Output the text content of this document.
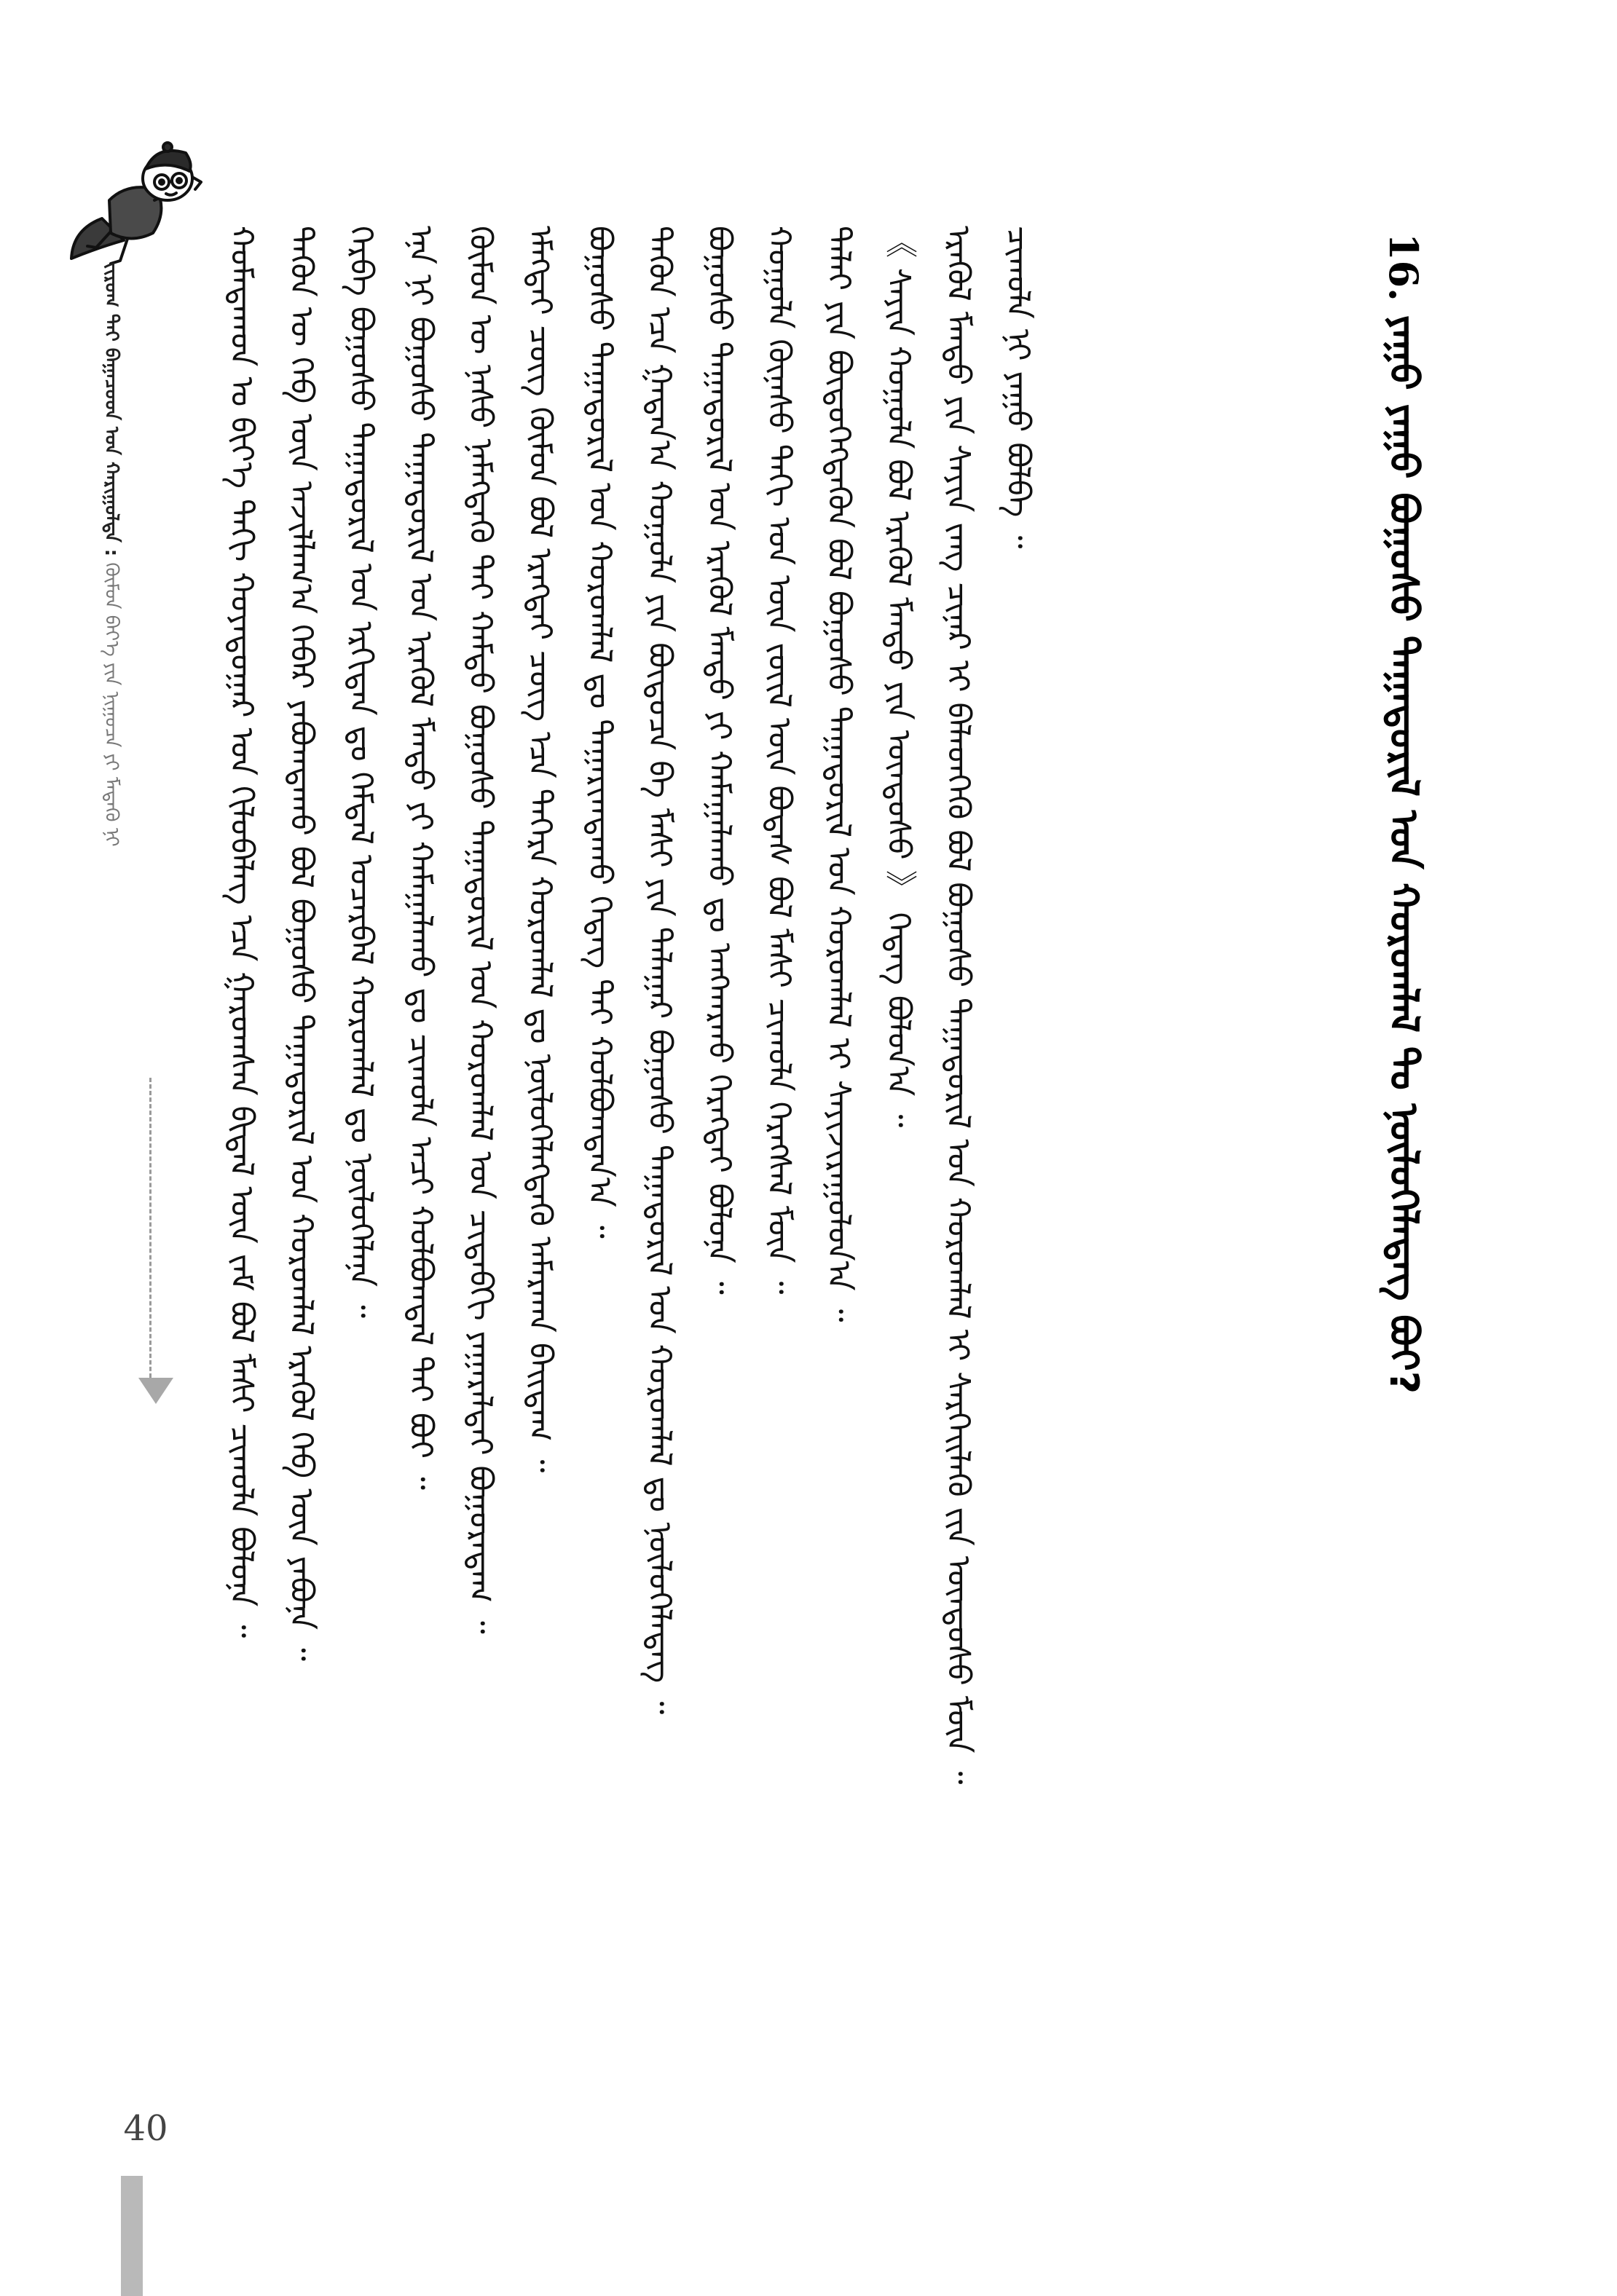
ᠵᠢᠷᠤᠭ ᠲᠠᠢ ᠪᠠᠭᠠᠴᠤᠳ ᠤᠨ ᠬᠠᠷᠢᠭᠤᠯᠲᠠ : ᠬᠦᠮᠦᠨ ᠪᠡᠶ᠎ᠡ ᠶᠢᠨ ᠨᠢᠭᠤᠴᠠ ᠶᠢ ᠮᠡᠳᠡᠬᠦ ᠨᠢ	ᠬᠤᠮᠠᠳᠠᠬᠤᠨ ᠤ ᠪᠢᠶ᠎ᠡ ᠳᠠᠬᠢ ᠬᠣᠶᠠᠳᠤᠭᠠᠷ ᠤᠨ ᠭᠢᠯᠦᠪᠡᠯᠡᠭ ᠡᠴᠡ ᠭᠠᠷᠤᠭᠰᠠᠨ ᠪᠢᠳᠠᠯ ᠦᠨ ᠵᠠᠮ ᠪᠣᠯ ᠮᠠᠰᠢ ᠴᠢᠬᠤᠯᠠ ᠪᠣᠯᠤᠨᠠ ᠃ ᠲᠡᠭᠦᠨ ᠦ ᠬᠡᠪ ᠦᠨ ᠠᠵᠢᠯᠯᠠᠭ᠎ᠠ ᠬᠡᠪᠡᠷ ᠶᠠᠪᠤᠭᠳᠠᠬᠤ ᠪᠣᠯ ᠪᠣᠭᠤᠰᠤ ᠳᠠᠭᠠᠳᠤᠷᠢᠯ ᠤᠨ ᠬᠣᠷᠣᠭᠯᠠᠯ ᠡᠷᠡᠭᠦᠯ ᠬᠡᠪ ᠦᠨ ᠶᠠᠪᠤᠨᠠ ᠃ ᠬᠡᠷᠪᠡ ᠪᠣᠭᠤᠰᠤ ᠳᠠᠭᠠᠳᠤᠷᠢᠯ ᠤᠨ ᠡᠷᠬᠢᠲᠡᠨ ᠳᠤ ᠭᠡᠮᠳᠡᠯ ᠤᠴᠠᠷᠪᠠᠯ ᠬᠣᠷᠣᠭᠯᠠᠯ ᠳᠤ ᠨᠥᠯᠦᠭᠡᠯᠡᠨᠡ ᠃ ᠡᠨᠡ ᠨᠢ ᠪᠣᠭᠤᠰᠤ ᠳᠠᠭᠠᠳᠤᠷᠢᠯ ᠤᠨ ᠡᠷᠡᠭᠦᠯ ᠮᠡᠨᠳᠦ ᠶᠢ ᠬᠠᠮᠠᠭᠠᠯᠠᠬᠤ ᠳᠤ ᠴᠢᠬᠤᠯᠠ ᠠᠴᠢ ᠬᠣᠯᠪᠣᠭᠳᠠᠯ ᠲᠠᠢ ᠪᠣᠢ ᠃ ᠬᠦᠮᠦᠨ ᠦ ᠨᠠᠰᠤ ᠨᠡᠮᠡᠭᠳᠡᠬᠦ ᠲᠠᠢ ᠬᠠᠮᠲᠤ ᠪᠣᠭᠤᠰᠤ ᠳᠠᠭᠠᠳᠤᠷᠢᠯ ᠤᠨ ᠬᠣᠷᠣᠭᠯᠠᠯ ᠤᠨ ᠴᠢᠳᠠᠪᠬᠢ ᠶᠠᠭᠠᠷᠠᠯᠲᠠᠢ ᠪᠤᠭᠤᠷᠠᠳᠠᠭ ᠃ ᠡᠮᠡᠭᠲᠡᠢ ᠴᠦᠭ ᠬᠦᠮᠦᠨ ᠪᠣᠯ ᠡᠷᠡᠭᠲᠡᠢ ᠴᠦᠭ ᠡᠴᠡ ᠳᠡᠭᠡᠷᠡ ᠬᠣᠷᠣᠭᠯᠠᠯ ᠳᠤ ᠨᠥᠯᠦᠭᠡᠯᠡᠭᠳᠡᠬᠦ ᠠᠮᠠᠷᠬᠠᠨ ᠪᠠᠢᠳᠠᠭ ᠃ ᠪᠣᠭᠤᠰᠤ ᠳᠠᠭᠠᠳᠤᠷᠢᠯ ᠤᠨ ᠬᠣᠷᠣᠭᠯᠠᠯ ᠳᠤ ᠳᠠᠭᠠᠷᠢᠭᠳᠠᠬᠤ ᠭᠡᠳᠡᠭ ᠲᠠᠢ ᠬᠣᠯᠪᠣᠭᠳᠠᠨ᠎ᠠ ᠃ ᠲᠡᠭᠦᠨ ᠡᠴᠡ ᠭᠠᠳᠠᠨ᠎ᠠ ᠬᠣᠭᠣᠯᠠ ᠶᠢᠨ ᠪᠦᠲᠦᠴᠡ ᠪᠠ ᠮᠠᠰᠢ ᠶᠢᠨ ᠲᠠᠯᠠᠭᠠᠷ ᠪᠣᠭᠤᠰᠤ ᠳᠠᠭᠠᠳᠤᠷᠢᠯ ᠤᠨ ᠬᠣᠷᠣᠭᠯᠠᠯ ᠳᠤ ᠨᠥᠯᠦᠭᠡᠯᠡᠳᠡᠭ ᠃ ᠪᠣᠭᠤᠰᠤ ᠳᠠᠭᠠᠳᠤᠷᠢᠯ ᠤᠨ ᠡᠷᠡᠭᠦᠯ ᠮᠡᠨᠳᠦ ᠶᠢ ᠬᠠᠮᠠᠭᠠᠯᠠᠬᠤ ᠳᠤ ᠠᠩᠬᠠᠷᠬᠤ ᠬᠡᠷᠡᠭᠲᠡᠢ ᠪᠣᠯᠤᠨᠠ ᠃ ᠬᠣᠭᠣᠯᠠ ᠬᠦᠨᠡᠰᠦ ᠳᠠᠬᠢ ᠡᠳ ᠦᠨ ᠵᠦᠢᠯ ᠦᠨ ᠪᠣᠳᠠᠰ ᠪᠣᠯ ᠮᠠᠰᠢ ᠴᠢᠬᠤᠯᠠ ᠬᠡᠷᠡᠭᠰᠡᠯ ᠮᠥᠨ ᠃ ᠳᠠᠯᠠᠢ ᠶᠢᠨ ᠪᠦᠲᠦᠭᠡᠭᠳᠡᠬᠦᠨ ᠪᠣᠯ ᠪᠣᠭᠤᠰᠤ ᠳᠠᠭᠠᠳᠤᠷᠢᠯ ᠤᠨ ᠬᠣᠷᠣᠭᠯᠠᠯ ᠢ ᠰᠠᠶᠢᠵᠢᠷᠠᠭᠤᠯᠤᠨ᠎ᠠ ᠃ 《 ᠰᠠᠶᠢᠨ ᠬᠣᠭᠣᠯᠠ ᠪᠣᠯ ᠡᠷᠡᠭᠦᠯ ᠮᠡᠨᠳᠦ ᠶᠢᠨ ᠦᠨᠳᠦᠰᠦ 》 ᠭᠡᠳᠡᠭ ᠪᠣᠯᠤᠨ᠎ᠠ ᠃ ᠡᠷᠡᠭᠦᠯ ᠮᠡᠨᠳᠦ ᠶᠢᠨ ᠰᠠᠶᠢᠨ ᠵᠠᠩ ᠴᠢᠨᠠᠷ ᠢ ᠪᠡᠯᠡᠳᠬᠡᠬᠦ ᠪᠣᠯ ᠪᠣᠭᠤᠰᠤ ᠳᠠᠭᠠᠳᠤᠷᠢᠯ ᠤᠨ ᠬᠣᠷᠣᠭᠯᠠᠯ ᠢ ᠰᠡᠷᠭᠡᠢᠯᠡᠬᠦ ᠵᠢᠨ ᠦᠨᠳᠦᠰᠦ ᠮᠥᠨ ᠃ ᠴᠢᠬᠤᠯᠠ ᠨᠢ ᠶᠠᠭᠤ ᠪᠣᠯᠪᠠ ᠃	16. ᠶᠠᠭᠤ ᠶᠠᠭᠤ ᠪᠣᠭᠤᠰᠤ ᠳᠠᠭᠠᠳᠤᠷᠢᠯ ᠤᠨ ᠬᠣᠷᠣᠭᠯᠠᠯ ᠲᠤ ᠨᠥᠯᠦᠭᠡᠯᠡᠳᠡᠭ ᠪᠤᠢ?
40
